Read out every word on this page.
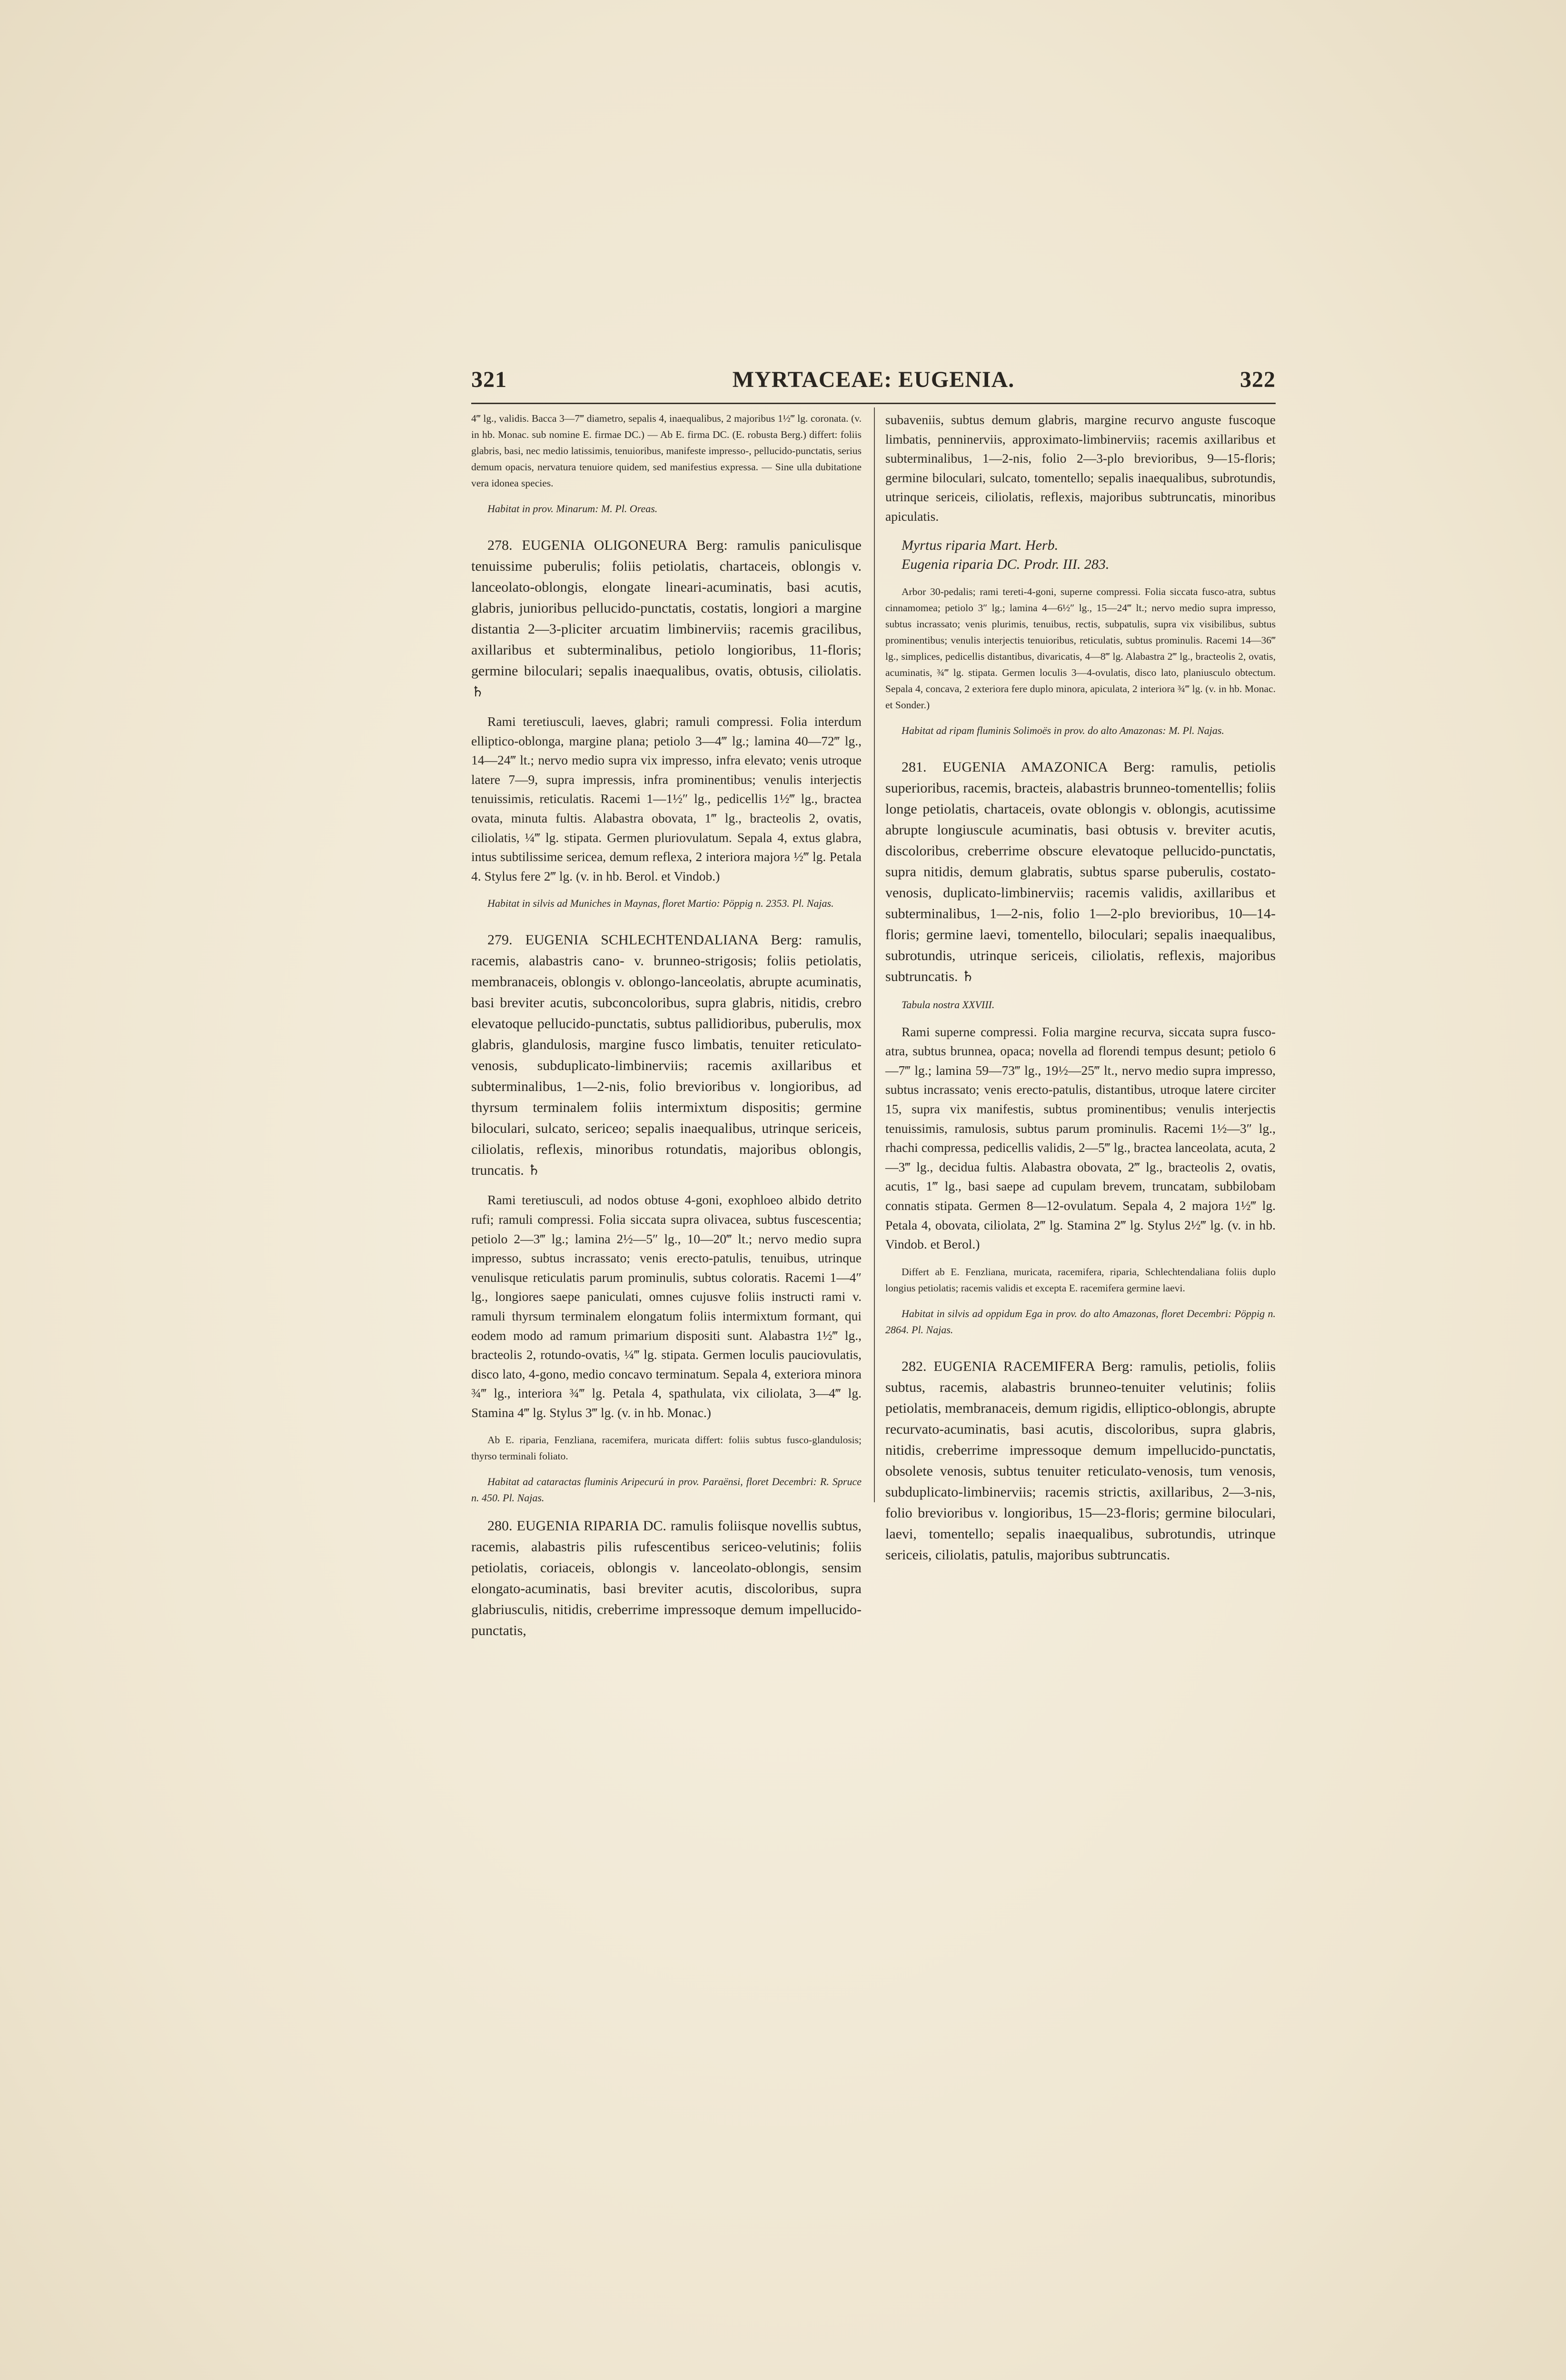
321	MYRTACEAE: EUGENIA.	322

4‴ lg., validis. Bacca 3—7‴ diametro, sepalis 4, inaequalibus, 2 majoribus 1½‴ lg. coronata. (v. in hb. Monac. sub nomine E. firmae DC.) — Ab E. firma DC. (E. robusta Berg.) differt: foliis glabris, basi, nec medio latissimis, tenuioribus, manifeste impresso-, pellucido-punctatis, serius demum opacis, nervatura tenuiore quidem, sed manifestius expressa. — Sine ulla dubitatione vera idonea species.

Habitat in prov. Minarum: M. Pl. Oreas.

278. EUGENIA OLIGONEURA Berg: ramulis paniculisque tenuissime puberulis; foliis petiolatis, chartaceis, oblongis v. lanceolato-oblongis, elongate lineari-acuminatis, basi acutis, glabris, junioribus pellucido-punctatis, costatis, longiori a margine distantia 2—3-pliciter arcuatim limbinerviis; racemis gracilibus, axillaribus et subterminalibus, petiolo longioribus, 11-floris; germine biloculari; sepalis inaequalibus, ovatis, obtusis, ciliolatis. ♄

Rami teretiusculi, laeves, glabri; ramuli compressi. Folia interdum elliptico-oblonga, margine plana; petiolo 3—4‴ lg.; lamina 40—72‴ lg., 14—24‴ lt.; nervo medio supra vix impresso, infra elevato; venis utroque latere 7—9, supra impressis, infra prominentibus; venulis interjectis tenuissimis, reticulatis. Racemi 1—1½″ lg., pedicellis 1½‴ lg., bractea ovata, minuta fultis. Alabastra obovata, 1‴ lg., bracteolis 2, ovatis, ciliolatis, ¼‴ lg. stipata. Germen pluriovulatum. Sepala 4, extus glabra, intus subtilissime sericea, demum reflexa, 2 interiora majora ½‴ lg. Petala 4. Stylus fere 2‴ lg. (v. in hb. Berol. et Vindob.)

Habitat in silvis ad Muniches in Maynas, floret Martio: Pöppig n. 2353. Pl. Najas.

279. EUGENIA SCHLECHTENDALIANA Berg: ramulis, racemis, alabastris cano- v. brunneo-strigosis; foliis petiolatis, membranaceis, oblongis v. oblongo-lanceolatis, abrupte acuminatis, basi breviter acutis, subconcoloribus, supra glabris, nitidis, crebro elevatoque pellucido-punctatis, subtus pallidioribus, puberulis, mox glabris, glandulosis, margine fusco limbatis, tenuiter reticulato-venosis, subduplicato-limbinerviis; racemis axillaribus et subterminalibus, 1—2-nis, folio brevioribus v. longioribus, ad thyrsum terminalem foliis intermixtum dispositis; germine biloculari, sulcato, sericeo; sepalis inaequalibus, utrinque sericeis, ciliolatis, reflexis, minoribus rotundatis, majoribus oblongis, truncatis. ♄

Rami teretiusculi, ad nodos obtuse 4-goni, exophloeo albido detrito rufi; ramuli compressi. Folia siccata supra olivacea, subtus fuscescentia; petiolo 2—3‴ lg.; lamina 2½—5″ lg., 10—20‴ lt.; nervo medio supra impresso, subtus incrassato; venis erecto-patulis, tenuibus, utrinque venulisque reticulatis parum prominulis, subtus coloratis. Racemi 1—4″ lg., longiores saepe paniculati, omnes cujusve foliis instructi rami v. ramuli thyrsum terminalem elongatum foliis intermixtum formant, qui eodem modo ad ramum primarium dispositi sunt. Alabastra 1½‴ lg., bracteolis 2, rotundo-ovatis, ¼‴ lg. stipata. Germen loculis pauciovulatis, disco lato, 4-gono, medio concavo terminatum. Sepala 4, exteriora minora ¾‴ lg., interiora ¾‴ lg. Petala 4, spathulata, vix ciliolata, 3—4‴ lg. Stamina 4‴ lg. Stylus 3‴ lg. (v. in hb. Monac.)

Ab E. riparia, Fenzliana, racemifera, muricata differt: foliis subtus fusco-glandulosis; thyrso terminali foliato.

Habitat ad cataractas fluminis Aripecurú in prov. Paraënsi, floret Decembri: R. Spruce n. 450. Pl. Najas.

280. EUGENIA RIPARIA DC. ramulis foliisque novellis subtus, racemis, alabastris pilis rufescentibus sericeo-velutinis; foliis petiolatis, coriaceis, oblongis v. lanceolato-oblongis, sensim elongato-acuminatis, basi breviter acutis, discoloribus, supra glabriusculis, nitidis, creberrime impressoque demum impellucido-punctatis,

subaveniis, subtus demum glabris, margine recurvo anguste fuscoque limbatis, penninerviis, approximato-limbinerviis; racemis axillaribus et subterminalibus, 1—2-nis, folio 2—3-plo brevioribus, 9—15-floris; germine biloculari, sulcato, tomentello; sepalis inaequalibus, subrotundis, utrinque sericeis, ciliolatis, reflexis, majoribus subtruncatis, minoribus apiculatis.

Myrtus riparia Mart. Herb.

Eugenia riparia DC. Prodr. III. 283.

Arbor 30-pedalis; rami tereti-4-goni, superne compressi. Folia siccata fusco-atra, subtus cinnamomea; petiolo 3″ lg.; lamina 4—6½″ lg., 15—24‴ lt.; nervo medio supra impresso, subtus incrassato; venis plurimis, tenuibus, rectis, subpatulis, supra vix visibilibus, subtus prominentibus; venulis interjectis tenuioribus, reticulatis, subtus prominulis. Racemi 14—36‴ lg., simplices, pedicellis distantibus, divaricatis, 4—8‴ lg. Alabastra 2‴ lg., bracteolis 2, ovatis, acuminatis, ¾‴ lg. stipata. Germen loculis 3—4-ovulatis, disco lato, planiusculo obtectum. Sepala 4, concava, 2 exteriora fere duplo minora, apiculata, 2 interiora ¾‴ lg. (v. in hb. Monac. et Sonder.)

Habitat ad ripam fluminis Solimoës in prov. do alto Amazonas: M. Pl. Najas.

281. EUGENIA AMAZONICA Berg: ramulis, petiolis superioribus, racemis, bracteis, alabastris brunneo-tomentellis; foliis longe petiolatis, chartaceis, ovate oblongis v. oblongis, acutissime abrupte longiuscule acuminatis, basi obtusis v. breviter acutis, discoloribus, creberrime obscure elevatoque pellucido-punctatis, supra nitidis, demum glabratis, subtus sparse puberulis, costato-venosis, duplicato-limbinerviis; racemis validis, axillaribus et subterminalibus, 1—2-nis, folio 1—2-plo brevioribus, 10—14-floris; germine laevi, tomentello, biloculari; sepalis inaequalibus, subrotundis, utrinque sericeis, ciliolatis, reflexis, majoribus subtruncatis. ♄

Tabula nostra XXVIII.

Rami superne compressi. Folia margine recurva, siccata supra fusco-atra, subtus brunnea, opaca; novella ad florendi tempus desunt; petiolo 6—7‴ lg.; lamina 59—73‴ lg., 19½—25‴ lt., nervo medio supra impresso, subtus incrassato; venis erecto-patulis, distantibus, utroque latere circiter 15, supra vix manifestis, subtus prominentibus; venulis interjectis tenuissimis, ramulosis, subtus parum prominulis. Racemi 1½—3″ lg., rhachi compressa, pedicellis validis, 2—5‴ lg., bractea lanceolata, acuta, 2—3‴ lg., decidua fultis. Alabastra obovata, 2‴ lg., bracteolis 2, ovatis, acutis, 1‴ lg., basi saepe ad cupulam brevem, truncatam, subbilobam connatis stipata. Germen 8—12-ovulatum. Sepala 4, 2 majora 1½‴ lg. Petala 4, obovata, ciliolata, 2‴ lg. Stamina 2‴ lg. Stylus 2½‴ lg. (v. in hb. Vindob. et Berol.)

Differt ab E. Fenzliana, muricata, racemifera, riparia, Schlechtendaliana foliis duplo longius petiolatis; racemis validis et excepta E. racemifera germine laevi.

Habitat in silvis ad oppidum Ega in prov. do alto Amazonas, floret Decembri: Pöppig n. 2864. Pl. Najas.

282. EUGENIA RACEMIFERA Berg: ramulis, petiolis, foliis subtus, racemis, alabastris brunneo-tenuiter velutinis; foliis petiolatis, membranaceis, demum rigidis, elliptico-oblongis, abrupte recurvato-acuminatis, basi acutis, discoloribus, supra glabris, nitidis, creberrime impressoque demum impellucido-punctatis, obsolete venosis, subtus tenuiter reticulato-venosis, tum venosis, subduplicato-limbinerviis; racemis strictis, axillaribus, 2—3-nis, folio brevioribus v. longioribus, 15—23-floris; germine biloculari, laevi, tomentello; sepalis inaequalibus, subrotundis, utrinque sericeis, ciliolatis, patulis, majoribus subtruncatis.
